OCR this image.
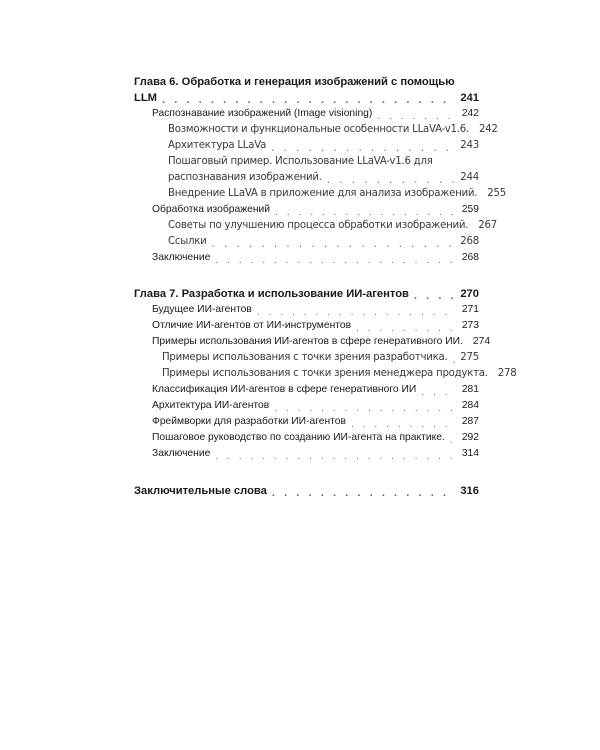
Глава 6. Обработка и генерация изображений с помощью
LLM . . .	241
Распознавание изображений (Image visioning) . . .	242
Возможности и функциональные особенности LLaVA-v1.6. 242
Архитектура LLaVa . . .	243
Пошаговый пример. Использование LLaVA-v1.6 для
распознавания изображений. . . .	244
Внедрение LLaVA в приложение для анализа изображений. 255
Обработка изображений . . .	259
Советы по улучшению процесса обработки изображений. 267
Ссылки . . .	268
Заключение . . .	268
Глава 7. Разработка и использование ИИ-агентов . . .	270
Будущее ИИ-агентов . . .	271
Отличие ИИ-агентов от ИИ-инструментов . . .	273
Примеры использования ИИ-агентов в сфере генеративного ИИ. 274
Примеры использования с точки зрения разработчика. . . . 275
Примеры использования с точки зрения менеджера продукта. 278
Классификация ИИ-агентов в сфере генеративного ИИ . . .	281
Архитектура ИИ-агентов . . .	284
Фреймворки для разработки ИИ-агентов . . .	287
Пошаговое руководство по созданию ИИ-агента на практике. . . . 292
Заключение . . .	314
Заключительные слова . . .	316
